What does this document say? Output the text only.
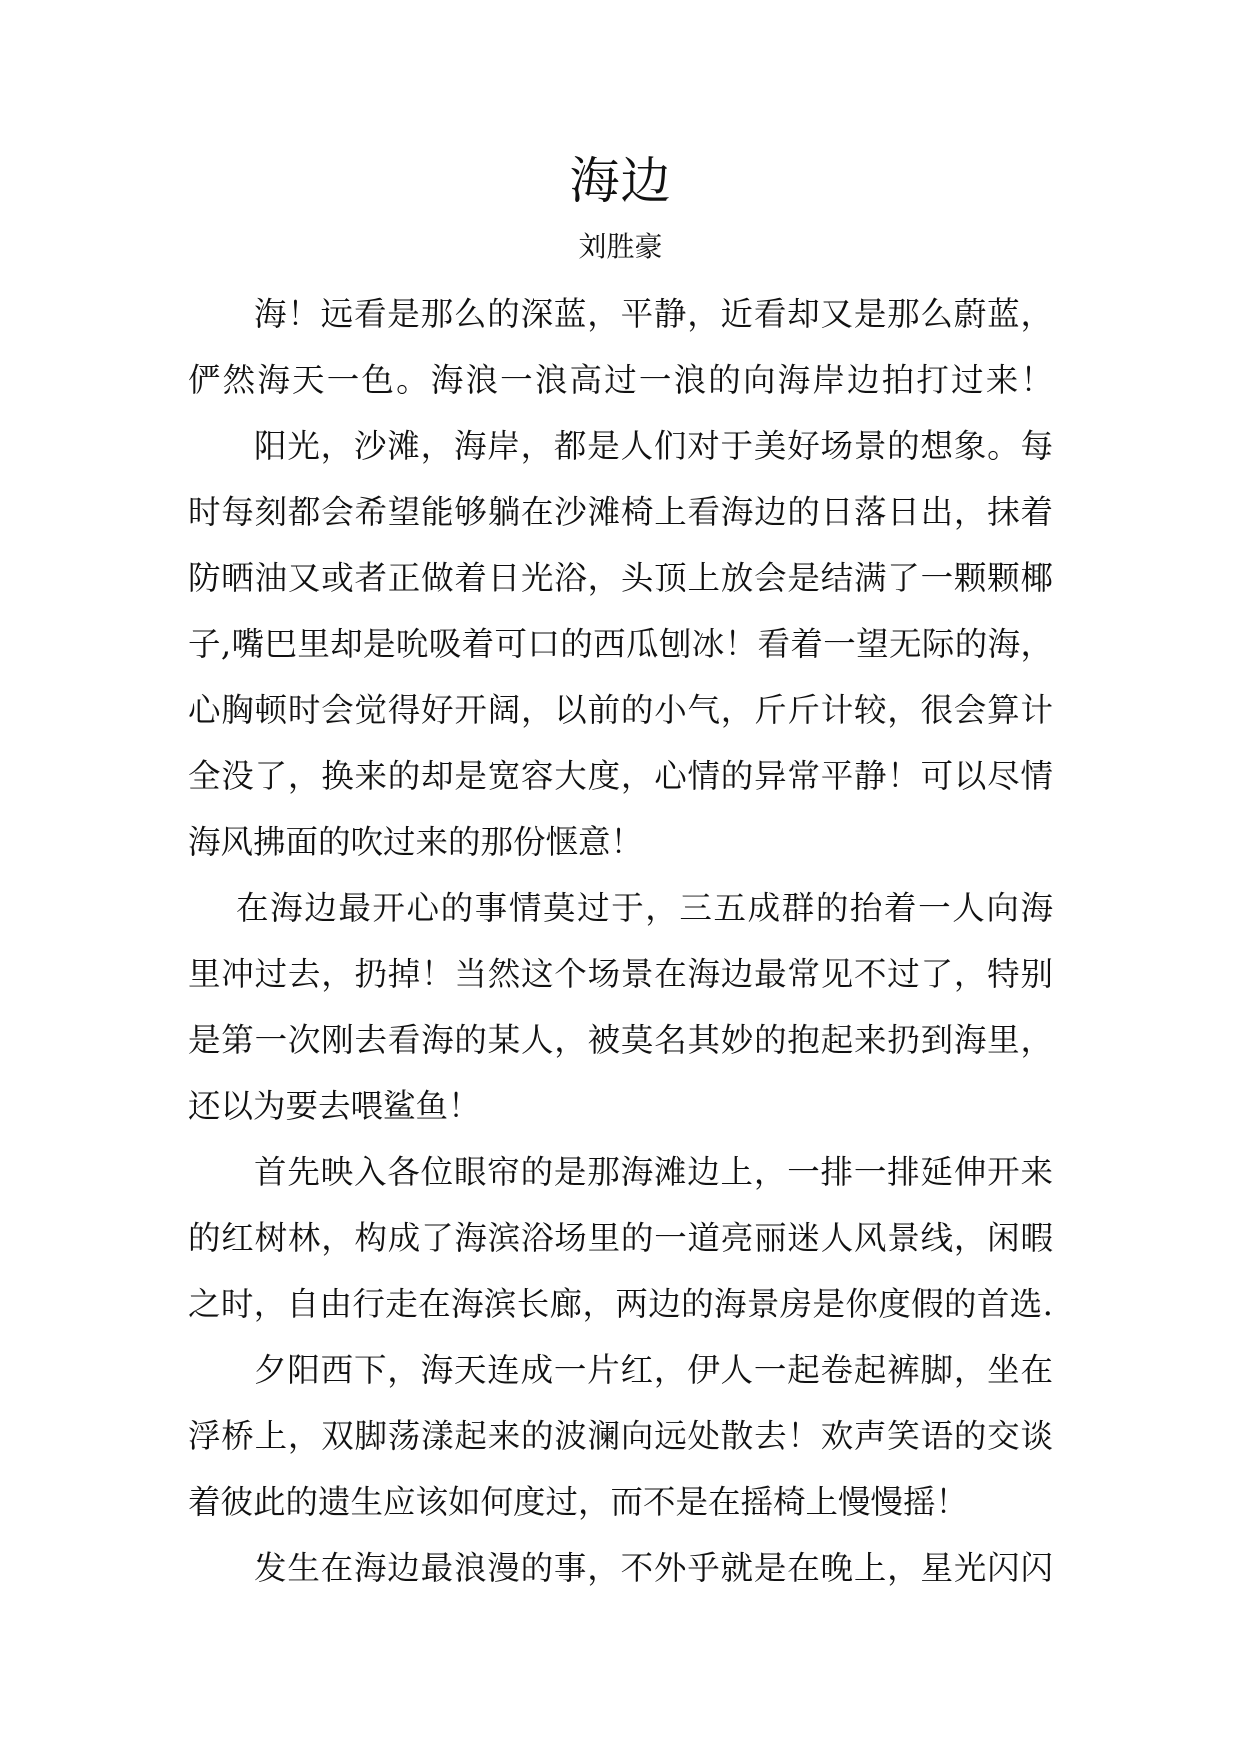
海边
刘胜豪
海！远看是那么的深蓝，平静，近看却又是那么蔚蓝，
俨然海天一色。海浪一浪高过一浪的向海岸边拍打过来！
阳光，沙滩，海岸，都是人们对于美好场景的想象。每
时每刻都会希望能够躺在沙滩椅上看海边的日落日出，抹着
防晒油又或者正做着日光浴，头顶上放会是结满了一颗颗椰
子,嘴巴里却是吮吸着可口的西瓜刨冰！看着一望无际的海，
心胸顿时会觉得好开阔，以前的小气，斤斤计较，很会算计
全没了，换来的却是宽容大度，心情的异常平静！可以尽情
海风拂面的吹过来的那份惬意！
在海边最开心的事情莫过于，三五成群的抬着一人向海
里冲过去，扔掉！当然这个场景在海边最常见不过了，特别
是第一次刚去看海的某人，被莫名其妙的抱起来扔到海里，
还以为要去喂鲨鱼！
首先映入各位眼帘的是那海滩边上，一排一排延伸开来
的红树林，构成了海滨浴场里的一道亮丽迷人风景线，闲暇
之时，自由行走在海滨长廊，两边的海景房是你度假的首选.
夕阳西下，海天连成一片红，伊人一起卷起裤脚，坐在
浮桥上，双脚荡漾起来的波澜向远处散去！欢声笑语的交谈
着彼此的遗生应该如何度过，而不是在摇椅上慢慢摇！
发生在海边最浪漫的事，不外乎就是在晚上，星光闪闪
